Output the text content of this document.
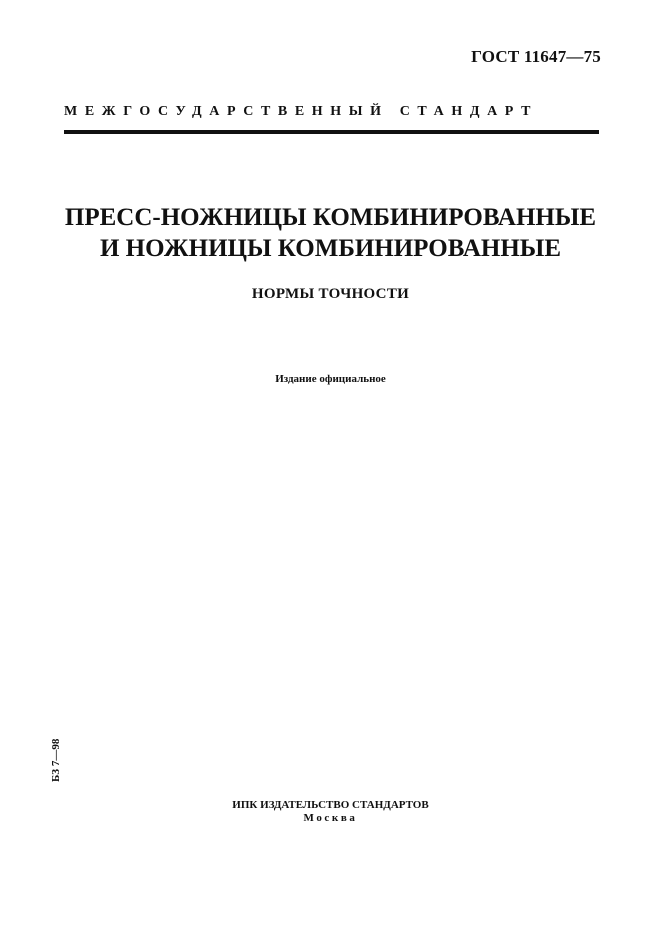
ГОСТ 11647—75
МЕЖГОСУДАРСТВЕННЫЙ СТАНДАРТ
ПРЕСС-НОЖНИЦЫ КОМБИНИРОВАННЫЕ
И НОЖНИЦЫ КОМБИНИРОВАННЫЕ
НОРМЫ ТОЧНОСТИ
Издание официальное
БЗ 7—98
ИПК ИЗДАТЕЛЬСТВО СТАНДАРТОВ
Москва
